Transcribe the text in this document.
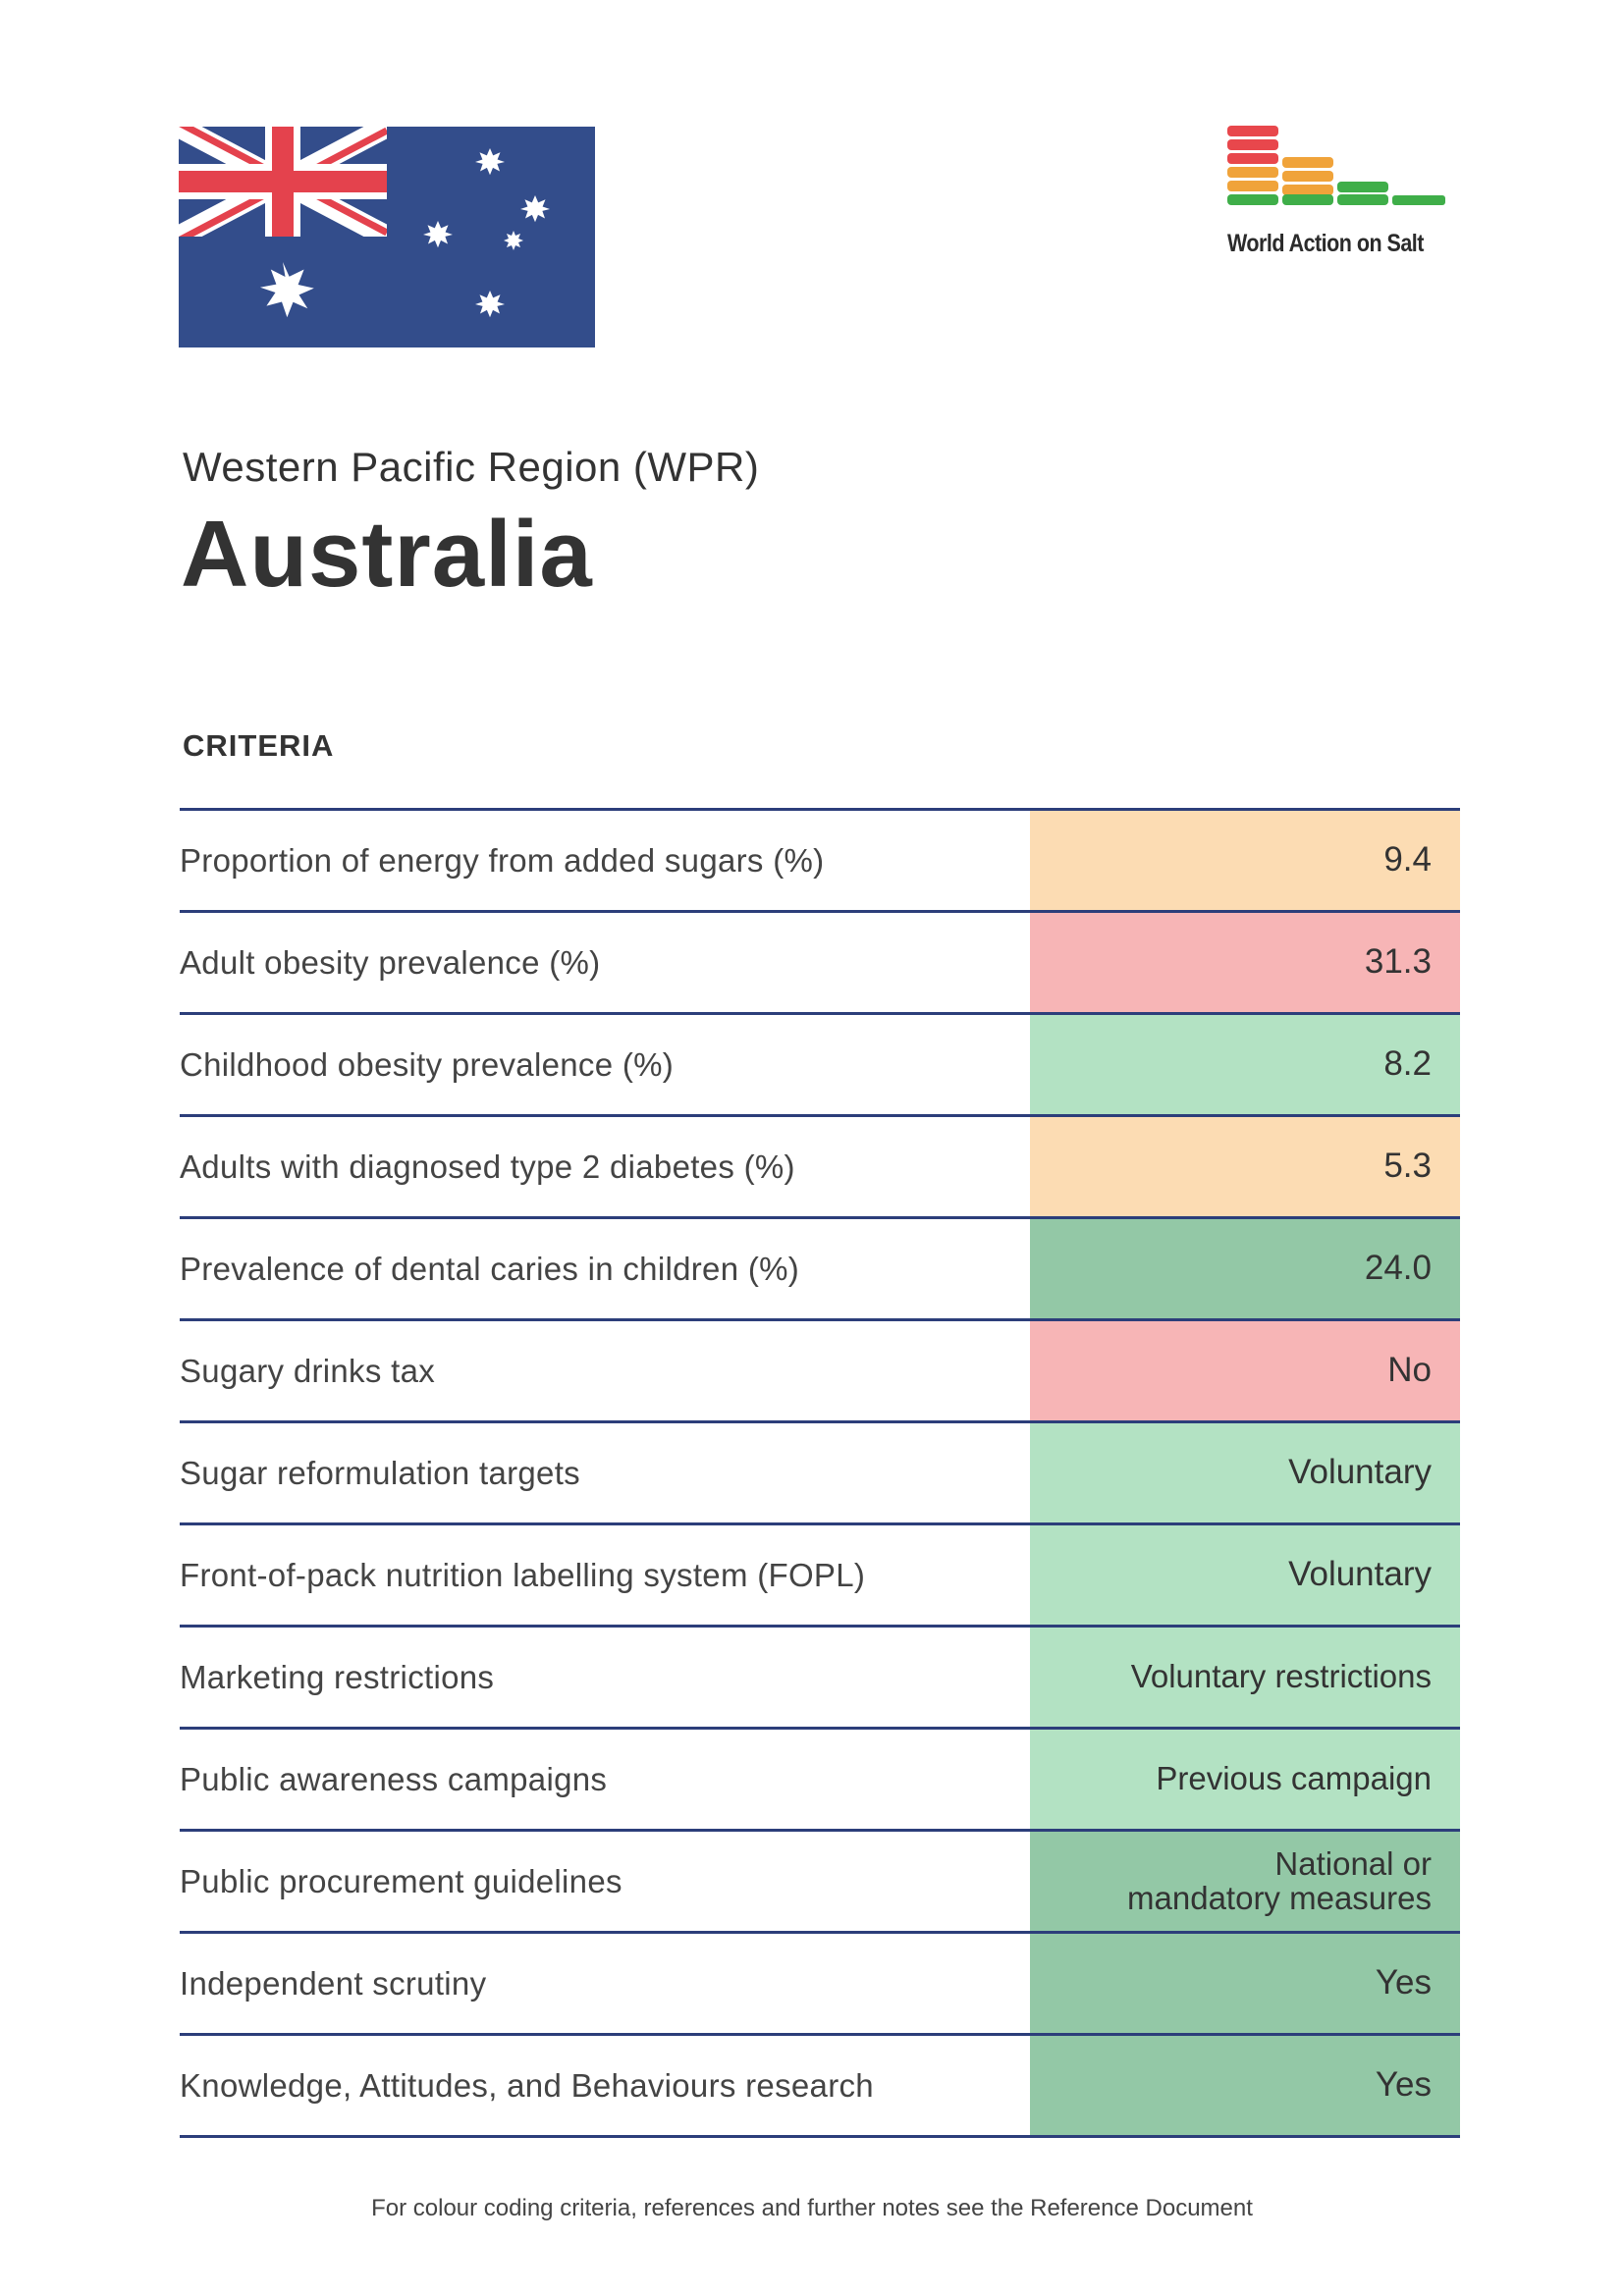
World Action on Salt
Western Pacific Region (WPR)
Australia
CRITERIA
Proportion of energy from added sugars (%)	9.4
Adult obesity prevalence (%)	31.3
Childhood obesity prevalence (%)	8.2
Adults with diagnosed type 2 diabetes (%)	5.3
Prevalence of dental caries in children (%)	24.0
Sugary drinks tax	No
Sugar reformulation targets	Voluntary
Front-of-pack nutrition labelling system (FOPL)	Voluntary
Marketing restrictions	Voluntary restrictions
Public awareness campaigns	Previous campaign
Public procurement guidelines	National or
mandatory measures
Independent scrutiny	Yes
Knowledge, Attitudes, and Behaviours research	Yes
For colour coding criteria, references and further notes see the Reference Document
